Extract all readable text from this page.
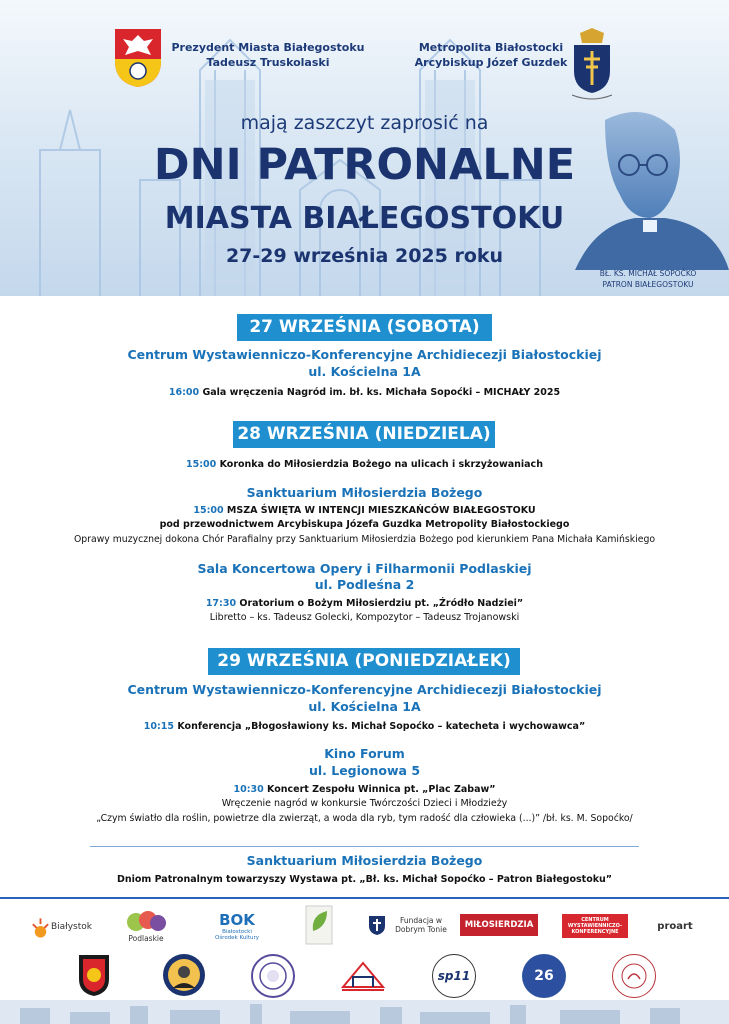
Prezydent Miasta Białegostoku
Tadeusz Truskolaski
Metropolita Białostocki
Arcybiskup Józef Guzdek
mają zaszczyt zaprosić na
DNI PATRONALNE
MIASTA BIAŁEGOSTOKU
27-29 września 2025 roku
BŁ. KS. MICHAŁ SOPOĆKO
PATRON BIAŁEGOSTOKU
27 WRZEŚNIA (SOBOTA)
Centrum Wystawienniczo-Konferencyjne Archidiecezji Białostockiej
ul. Kościelna 1A
16:00 Gala wręczenia Nagród im. bł. ks. Michała Sopoćki – MICHAŁY 2025
28 WRZEŚNIA (NIEDZIELA)
15:00 Koronka do Miłosierdzia Bożego na ulicach i skrzyżowaniach
Sanktuarium Miłosierdzia Bożego
15:00 MSZA ŚWIĘTA W INTENCJI MIESZKAŃCÓW BIAŁEGOSTOKU
pod przewodnictwem Arcybiskupa Józefa Guzdka Metropolity Białostockiego
Oprawy muzycznej dokona Chór Parafialny przy Sanktuarium Miłosierdzia Bożego pod kierunkiem Pana Michała Kamińskiego
Sala Koncertowa Opery i Filharmonii Podlaskiej
ul. Podleśna 2
17:30 Oratorium o Bożym Miłosierdziu pt. „Źródło Nadziei”
Libretto – ks. Tadeusz Golecki, Kompozytor – Tadeusz Trojanowski
29 WRZEŚNIA (PONIEDZIAŁEK)
Centrum Wystawienniczo-Konferencyjne Archidiecezji Białostockiej
ul. Kościelna 1A
10:15 Konferencja „Błogosławiony ks. Michał Sopoćko – katecheta i wychowawca”
Kino Forum
ul. Legionowa 5
10:30 Koncert Zespołu Winnica pt. „Plac Zabaw”
Wręczenie nagród w konkursie Twórczości Dzieci i Młodzieży
„Czym światło dla roślin, powietrze dla zwierząt, a woda dla ryb, tym radość dla człowieka (...)” /bł. ks. M. Sopoćko/
Sanktuarium Miłosierdzia Bożego
Dniom Patronalnym towarzyszy Wystawa pt. „Bł. ks. Michał Sopoćko – Patron Białegostoku”
Białystok
Podlaskie
BOK
Białostocki Ośrodek Kultury
Fundacja w Dobrym Tonie	MIŁOSIERDZIA	CENTRUM WYSTAWIENNICZO-KONFERENCYJNE
proart
sp11	26
